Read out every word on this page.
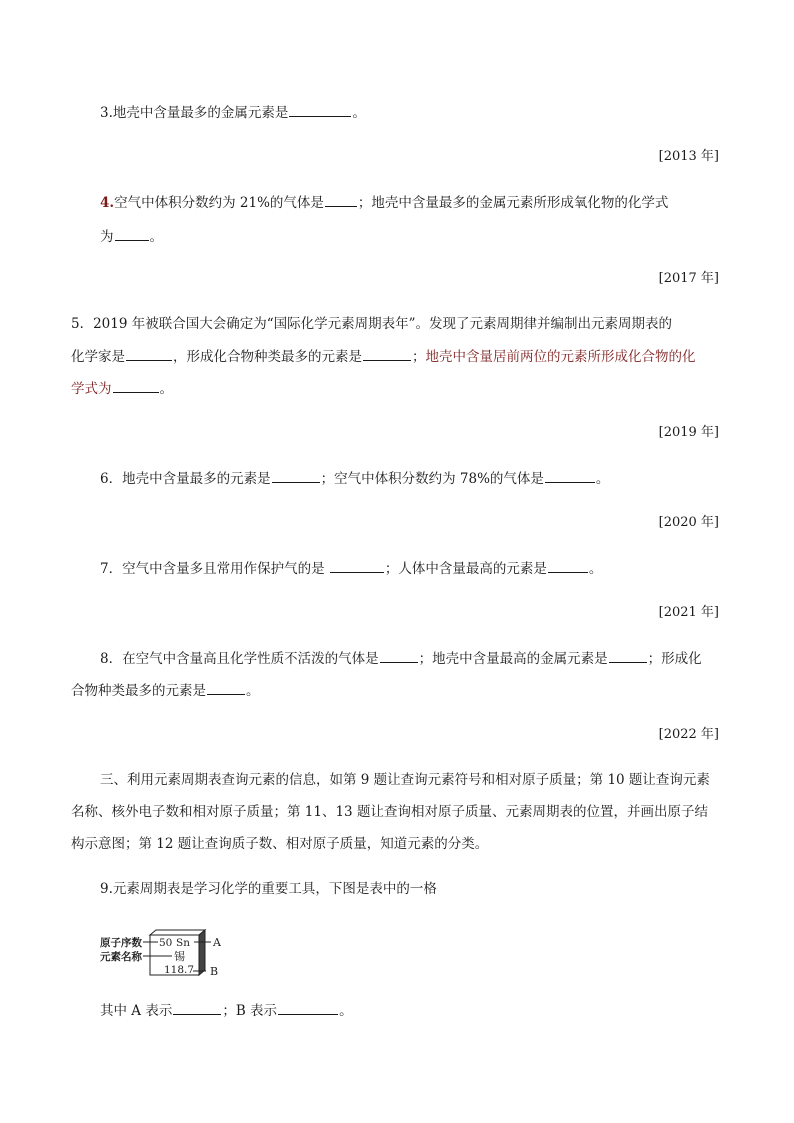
3.地壳中含量最多的金属元素是	。
[2013 年]
4.空气中体积分数约为 21%的气体是	；地壳中含量最多的金属元素所形成氧化物的化学式
为	。
[2017 年]
5．2019 年被联合国大会确定为“国际化学元素周期表年”。发现了元素周期律并编制出元素周期表的
化学家是	，形成化合物种类最多的元素是	；地壳中含量居前两位的元素所形成化合物的化
学式为	。
[2019 年]
6．地壳中含量最多的元素是	；空气中体积分数约为 78%的气体是	。
[2020 年]
7．空气中含量多且常用作保护气的是	；人体中含量最高的元素是	。
[2021 年]
8．在空气中含量高且化学性质不活泼的气体是	；地壳中含量最高的金属元素是	；形成化
合物种类最多的元素是	。
[2022 年]
三、利用元素周期表查询元素的信息，如第 9 题让查询元素符号和相对原子质量；第 10 题让查询元素
名称、核外电子数和相对原子质量；第 11、13 题让查询相对原子质量、元素周期表的位置，并画出原子结
构示意图；第 12 题让查询质子数、相对原子质量，知道元素的分类。
9.元素周期表是学习化学的重要工具，下图是表中的一格
原子序数
元素名称
50 Sn
锡
118.7
A
B
其中 A 表示	；B 表示	。
